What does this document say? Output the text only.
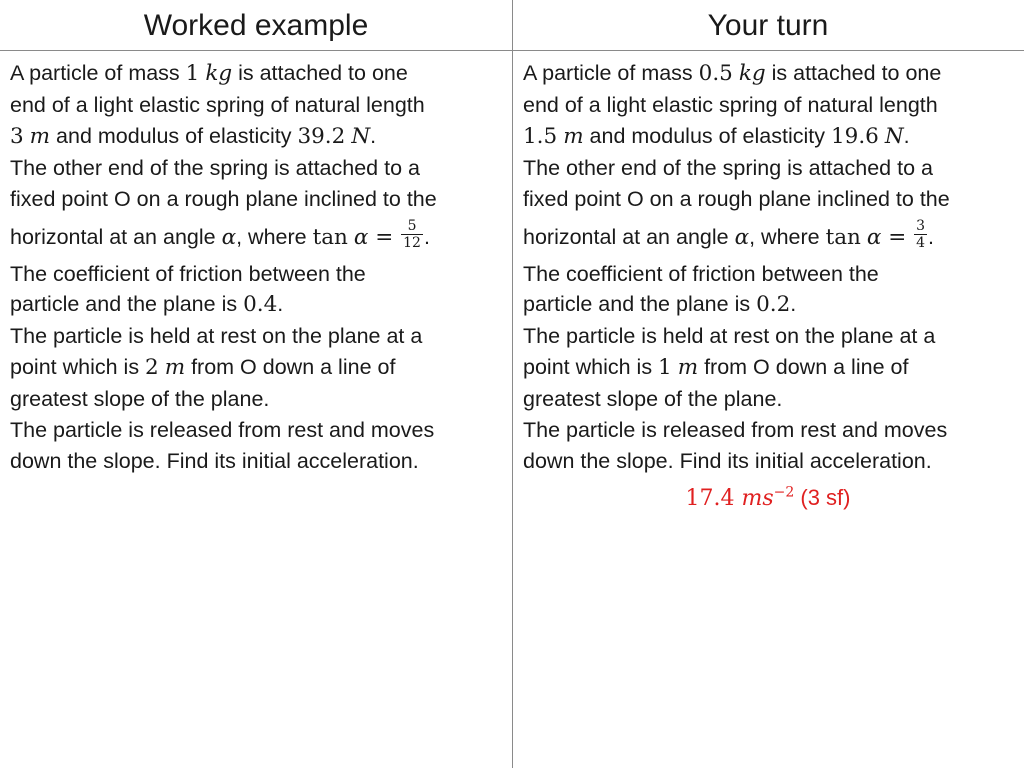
Worked example	Your turn
A particle of mass 1 kg is attached to one
end of a light elastic spring of natural length
3 m and modulus of elasticity 39.2 N.
The other end of the spring is attached to a
fixed point O on a rough plane inclined to the
horizontal at an angle α, where $\tan \alpha = \frac{5}{12}$ .
The coefficient of friction between the
particle and the plane is 0.4.
The particle is held at rest on the plane at a
point which is 2 m from O down a line of
greatest slope of the plane.
The particle is released from rest and moves
down the slope. Find its initial acceleration.
A particle of mass 0.5 kg is attached to one
end of a light elastic spring of natural length
1.5 m and modulus of elasticity 19.6 N.
The other end of the spring is attached to a
fixed point O on a rough plane inclined to the
horizontal at an angle α, where $\tan \alpha = \frac{3}{4}$ .
The coefficient of friction between the
particle and the plane is 0.2.
The particle is held at rest on the plane at a
point which is 1 m from O down a line of
greatest slope of the plane.
The particle is released from rest and moves
down the slope. Find its initial acceleration.
17.4 $ms^{-2}$ (3 sf)
